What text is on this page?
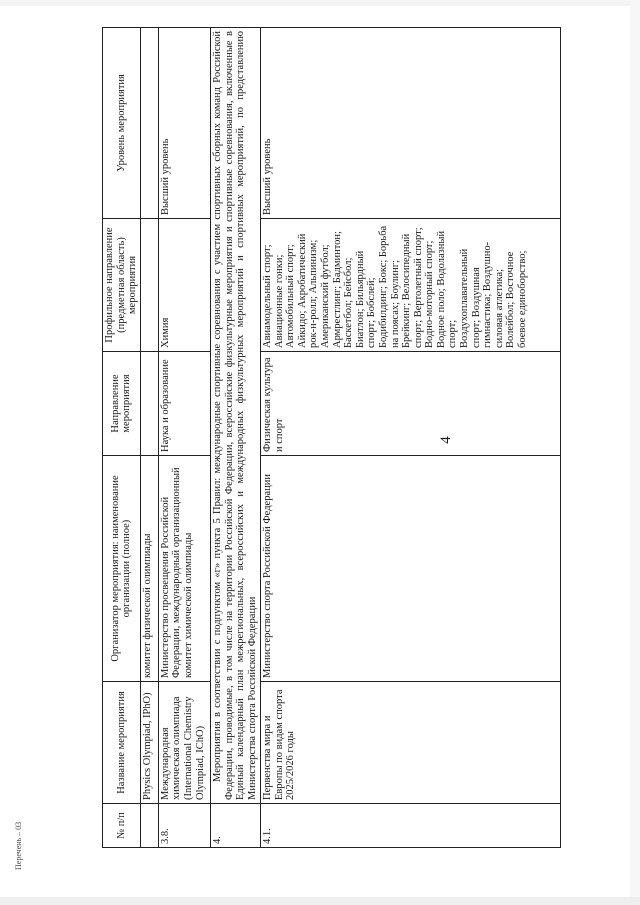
4
Перечень – 03	№ п/п	Название мероприятия	Организатор мероприятия: наименование организации (полное)	Направление мероприятия	Профильное направление (предметная область) мероприятия	Уровень мероприятия
	Physics Olympiad, IPhO)	комитет физической олимпиады			
3.8.	Международная химическая олимпиада (International Chemistry Olympiad, IChO)	Министерство просвещения Российской Федерации, международный организационный комитет химической олимпиады	Наука и образование	Химия	Высший уровень
4.	Мероприятия в соответствии с подпунктом «г» пункта 5 Правил: международные спортивные соревнования с участием спортивных сборных команд Российской Федерации, проводимые, в том числе на территории Российской Федерации, всероссийские физкультурные мероприятия и спортивные соревнования, включенные в Единый календарный план межрегиональных, всероссийских и международных физкультурных мероприятий и спортивных мероприятий, по представлению Министерства спорта Российской Федерации				
4.1.	Первенства мира и Европы по видам спорта 2025/2026 годы	Министерство спорта Российской Федерации	Физическая культура и спорт	Авиамодельный спорт; Авиационные гонки; Автомобильный спорт; Айкидо; Акробатический рок-н-ролл; Альпинизм; Американский футбол; Армрестлинг; Бадминтон; Баскетбол; Бейсбол; Биатлон; Бильярдный спорт; Бобслей; Бодибилдинг; Бокс; Борьба на поясах; Боулинг; Брейкинг; Велосипедный спорт; Вертолетный спорт; Водно-моторный спорт; Водное поло; Водолазный спорт; Воздухоплавательный спорт; Воздушная гимнастика; Воздушно-силовая атлетика; Волейбол; Восточное боевое единоборство;	Высший уровень
